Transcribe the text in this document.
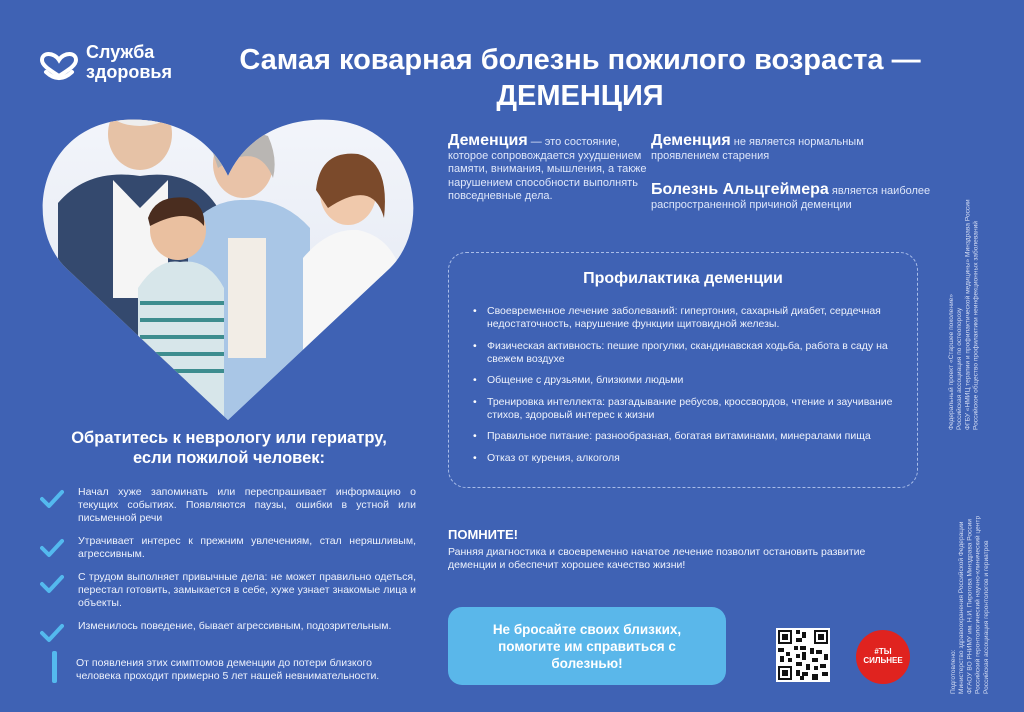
Служба
здоровья	Самая коварная болезнь пожилого возраста —
ДЕМЕНЦИЯ
Деменция — это состояние, которое сопровождается ухудшением памяти, внимания, мышления, а также нарушением способности выполнять повседневные дела.
Деменция не является нормальным проявлением старения
Болезнь Альцгеймера является наиболее распространенной причиной деменции
Профилактика деменции
• Своевременное лечение заболеваний: гипертония, сахарный диабет, сердечная недостаточность, нарушение функции щитовидной железы.
• Физическая активность: пешие прогулки, скандинавская ходьба, работа в саду на свежем воздухе
• Общение с друзьями, близкими людьми
• Тренировка интеллекта: разгадывание ребусов, кроссвордов, чтение и заучивание стихов, здоровый интерес к жизни
• Правильное питание: разнообразная, богатая витаминами, минералами пища
• Отказ от курения, алкоголя
Обратитесь к неврологу или гериатру,
если пожилой человек:
Начал хуже запоминать или переспрашивает информацию о текущих событиях. Появляются паузы, ошибки в устной или письменной речи
Утрачивает интерес к прежним увлечениям, стал неряшливым, агрессивным.
С трудом выполняет привычные дела: не может правильно одеться, перестал готовить, замыкается в себе, хуже узнает знакомые лица и объекты.
Изменилось поведение, бывает агрессивным, подозрительным.
От появления этих симптомов деменции до потери близкого человека проходит примерно 5 лет нашей невнимательности.
ПОМНИТЕ!
Ранняя диагностика и своевременно начатое лечение позволит остановить развитие деменции и обеспечит хорошее качество жизни!
Не бросайте своих близких, помогите им справиться с болезнью!
#ТЫ
СИЛЬНЕЕ
Федеральный проект «Старшее поколение» Российская ассоциация по остеопорозу ФГБУ «НМИЦ терапии и профилактической медицины» Минздрава России Российское общество профилактики неинфекционных заболеваний
Подготовлено: Министерство здравоохранения Российской Федерации ФГАОУ ВО РНИМУ им. Н.И. Пирогова Минздрава России Российский геронтологический научно-клинический центр Российская ассоциация геронтологов и гериатров
